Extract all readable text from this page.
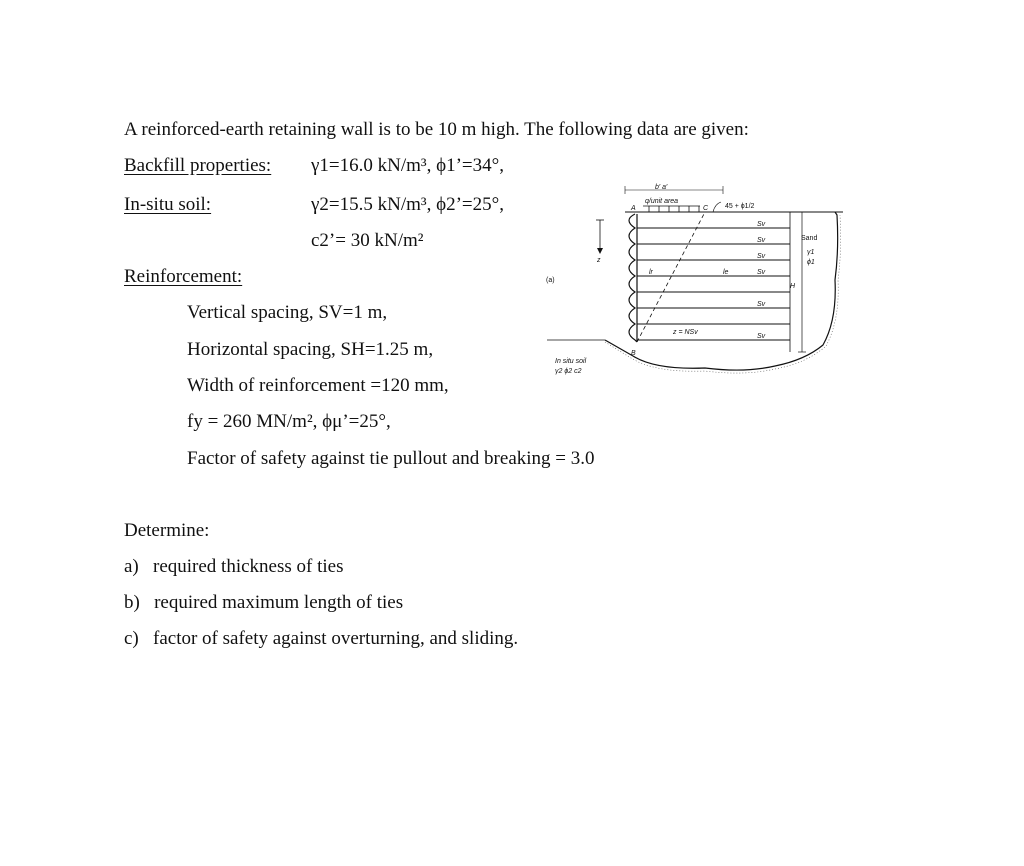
A reinforced-earth retaining wall is to be 10 m high. The following data are given:
Backfill properties: γ1=16.0 kN/m³, ϕ1’=34°,
In-situ soil:	γ2=15.5 kN/m³, ϕ2’=25°,
c2’= 30 kN/m²
Reinforcement:
Vertical spacing, SV=1 m,
Horizontal spacing, SH=1.25 m,
Width of reinforcement =120 mm,
fy = 260 MN/m², ϕμ’=25°,
Factor of safety against tie pullout and breaking = 3.0
Determine:
a)   required thickness of ties
b)   required maximum length of ties
c)   factor of safety against overturning, and sliding.
(a)
b′ a′
q/unit area
A	C
B
45 + ϕ1/2
Sv
Sv
Sv
Sv
Sv
Sv
Sand
γ1
ϕ1
H
z
lr	le
z = NSv
In situ soil
γ2 ϕ2 c2
